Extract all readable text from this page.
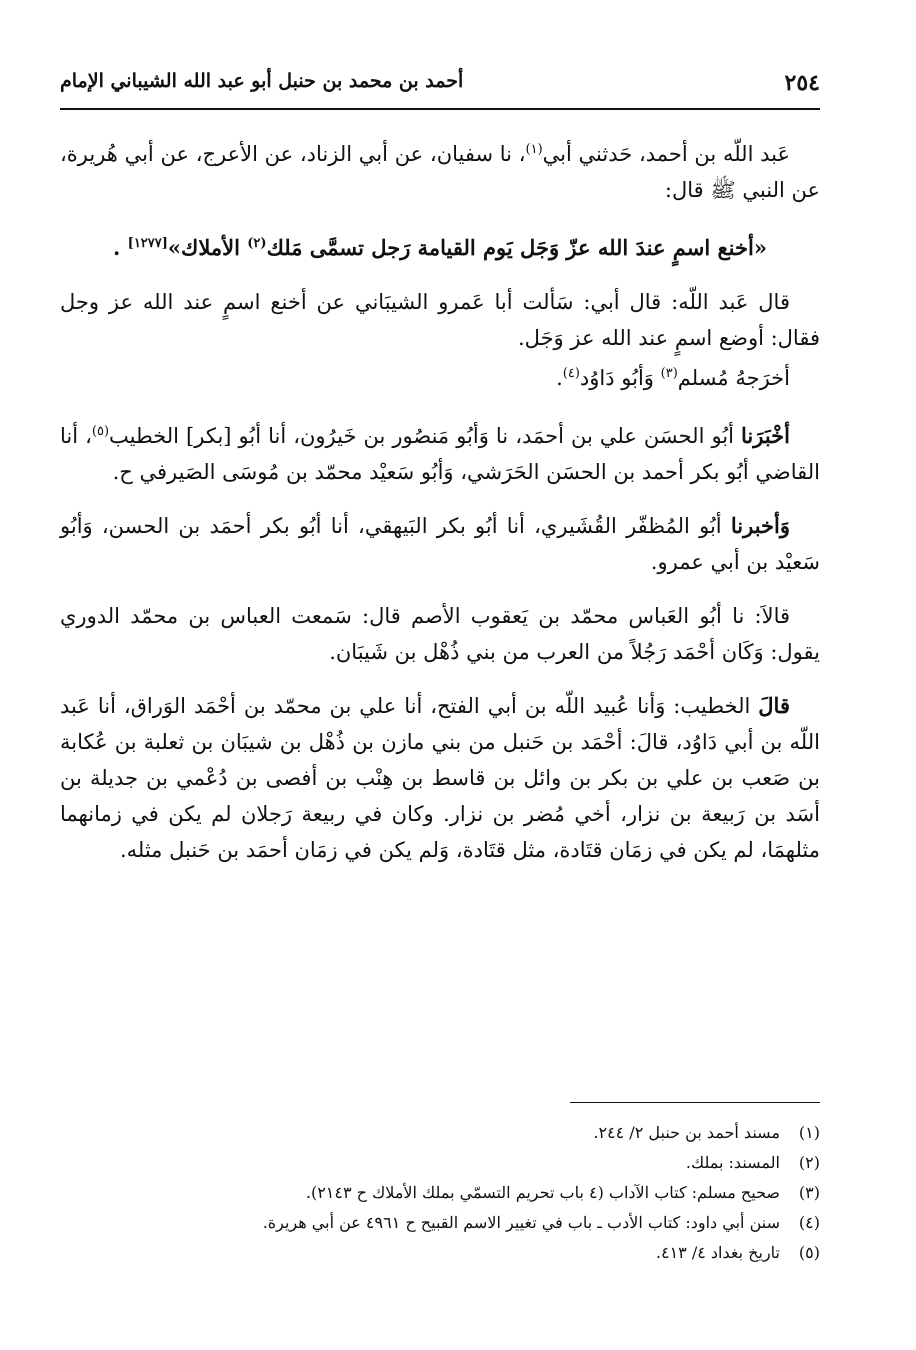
٢٥٤
أحمد بن محمد بن حنبل أبو عبد الله الشيباني الإمام

عَبد اللّه بن أحمد، حَدثني أبي$^{(١)}$، نا سفيان، عن أبي الزناد، عن الأعرج، عن أبي هُريرة، عن النبي ﷺ قال:

«أخنع اسمٍ عندَ الله عزّ وَجَل يَوم القيامة رَجل تسمَّى مَلك$^{(٢)}$ الأملاك»[١٢٧٧] .

قال عَبد اللّه: قال أبي: سَألت أبا عَمرو الشيبَاني عن أخنع اسمٍ عند الله عز وجل فقال: أوضع اسمٍ عند الله عز وَجَل.

أخرَجهُ مُسلم$^{(٣)}$ وَأبُو دَاوُد$^{(٤)}$.

أخْبَرَنا أبُو الحسَن علي بن أحمَد، نا وَأبُو مَنصُور بن خَيرُون، أنا أبُو [بكر] الخطيب$^{(٥)}$، أنا القاضي أبُو بكر أحمد بن الحسَن الحَرَشي، وَأبُو سَعيْد محمّد بن مُوسَى الصَيرفي ح.

وَأخبرنا أبُو المُظفّر القُشَيري، أنا أبُو بكر البَيهقي، أنا أبُو بكر أحمَد بن الحسن، وَأبُو سَعيْد بن أبي عمرو.

قالاَ: نا أبُو العَباس محمّد بن يَعقوب الأصم قال: سَمعت العباس بن محمّد الدوري يقول: وَكَان أحْمَد رَجُلاً من العرب من بني ذُهْل بن شَيبَان.

قالَ الخطيب: وَأنا عُبيد اللّه بن أبي الفتح، أنا علي بن محمّد بن أحْمَد الوَراق، أنا عَبد اللّه بن أبي دَاوُد، قالَ: أحْمَد بن حَنبل من بني مازن بن ذُهْل بن شيبَان بن ثعلبة بن عُكابة بن صَعب بن علي بن بكر بن وائل بن قاسط بن هِنْب بن أفصى بن دُعْمي بن جديلة بن أسَد بن رَبيعة بن نزار، أخي مُضر بن نزار. وكان في ربيعة رَجلان لم يكن في زمانهما مثلهمَا، لم يكن في زمَان قتَادة، مثل قتَادة، وَلم يكن في زمَان أحمَد بن حَنبل مثله.

(١)
مسند أحمد بن حنبل ٢/ ٢٤٤.
(٢)
المسند: بملك.
(٣)
صحيح مسلم: كتاب الآداب (٤ باب تحريم التسمّي بملك الأملاك ح ٢١٤٣).
(٤)
سنن أبي داود: كتاب الأدب ـ باب في تغيير الاسم القبيح ح ٤٩٦١ عن أبي هريرة.
(٥)
تاريخ بغداد ٤/ ٤١٣.
